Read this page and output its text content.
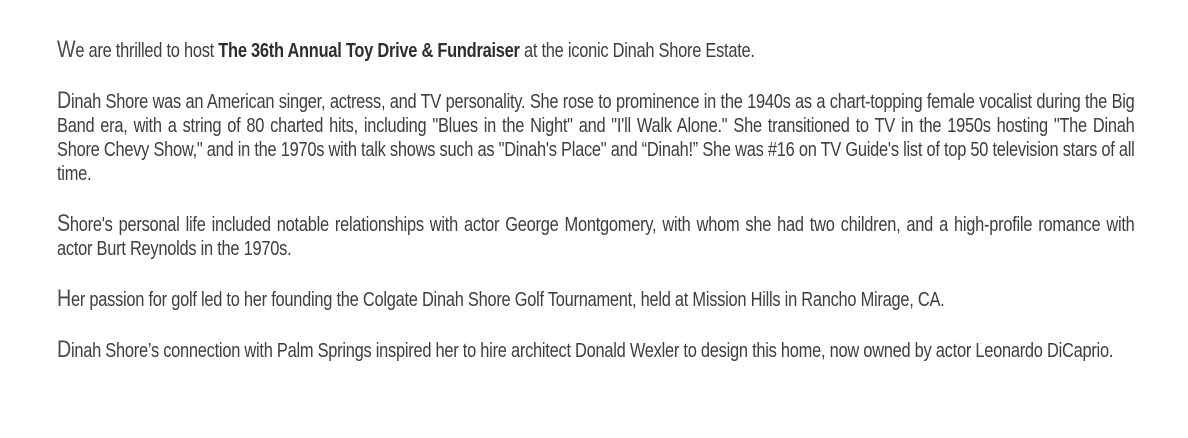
We are thrilled to host The 36th Annual Toy Drive & Fundraiser at the iconic Dinah Shore Estate.

Dinah Shore was an American singer, actress, and TV personality. She rose to prominence in the 1940s as a chart-topping female vocalist during the Big Band era, with a string of 80 charted hits, including "Blues in the Night" and "I'll Walk Alone." She transitioned to TV in the 1950s hosting "The Dinah Shore Chevy Show," and in the 1970s with talk shows such as "Dinah's Place" and “Dinah!” She was #16 on TV Guide's list of top 50 television stars of all time.

Shore's personal life included notable relationships with actor George Montgomery, with whom she had two children, and a high-profile romance with actor Burt Reynolds in the 1970s.

Her passion for golf led to her founding the Colgate Dinah Shore Golf Tournament, held at Mission Hills in Rancho Mirage, CA.

Dinah Shore’s connection with Palm Springs inspired her to hire architect Donald Wexler to design this home, now owned by actor Leonardo DiCaprio.
